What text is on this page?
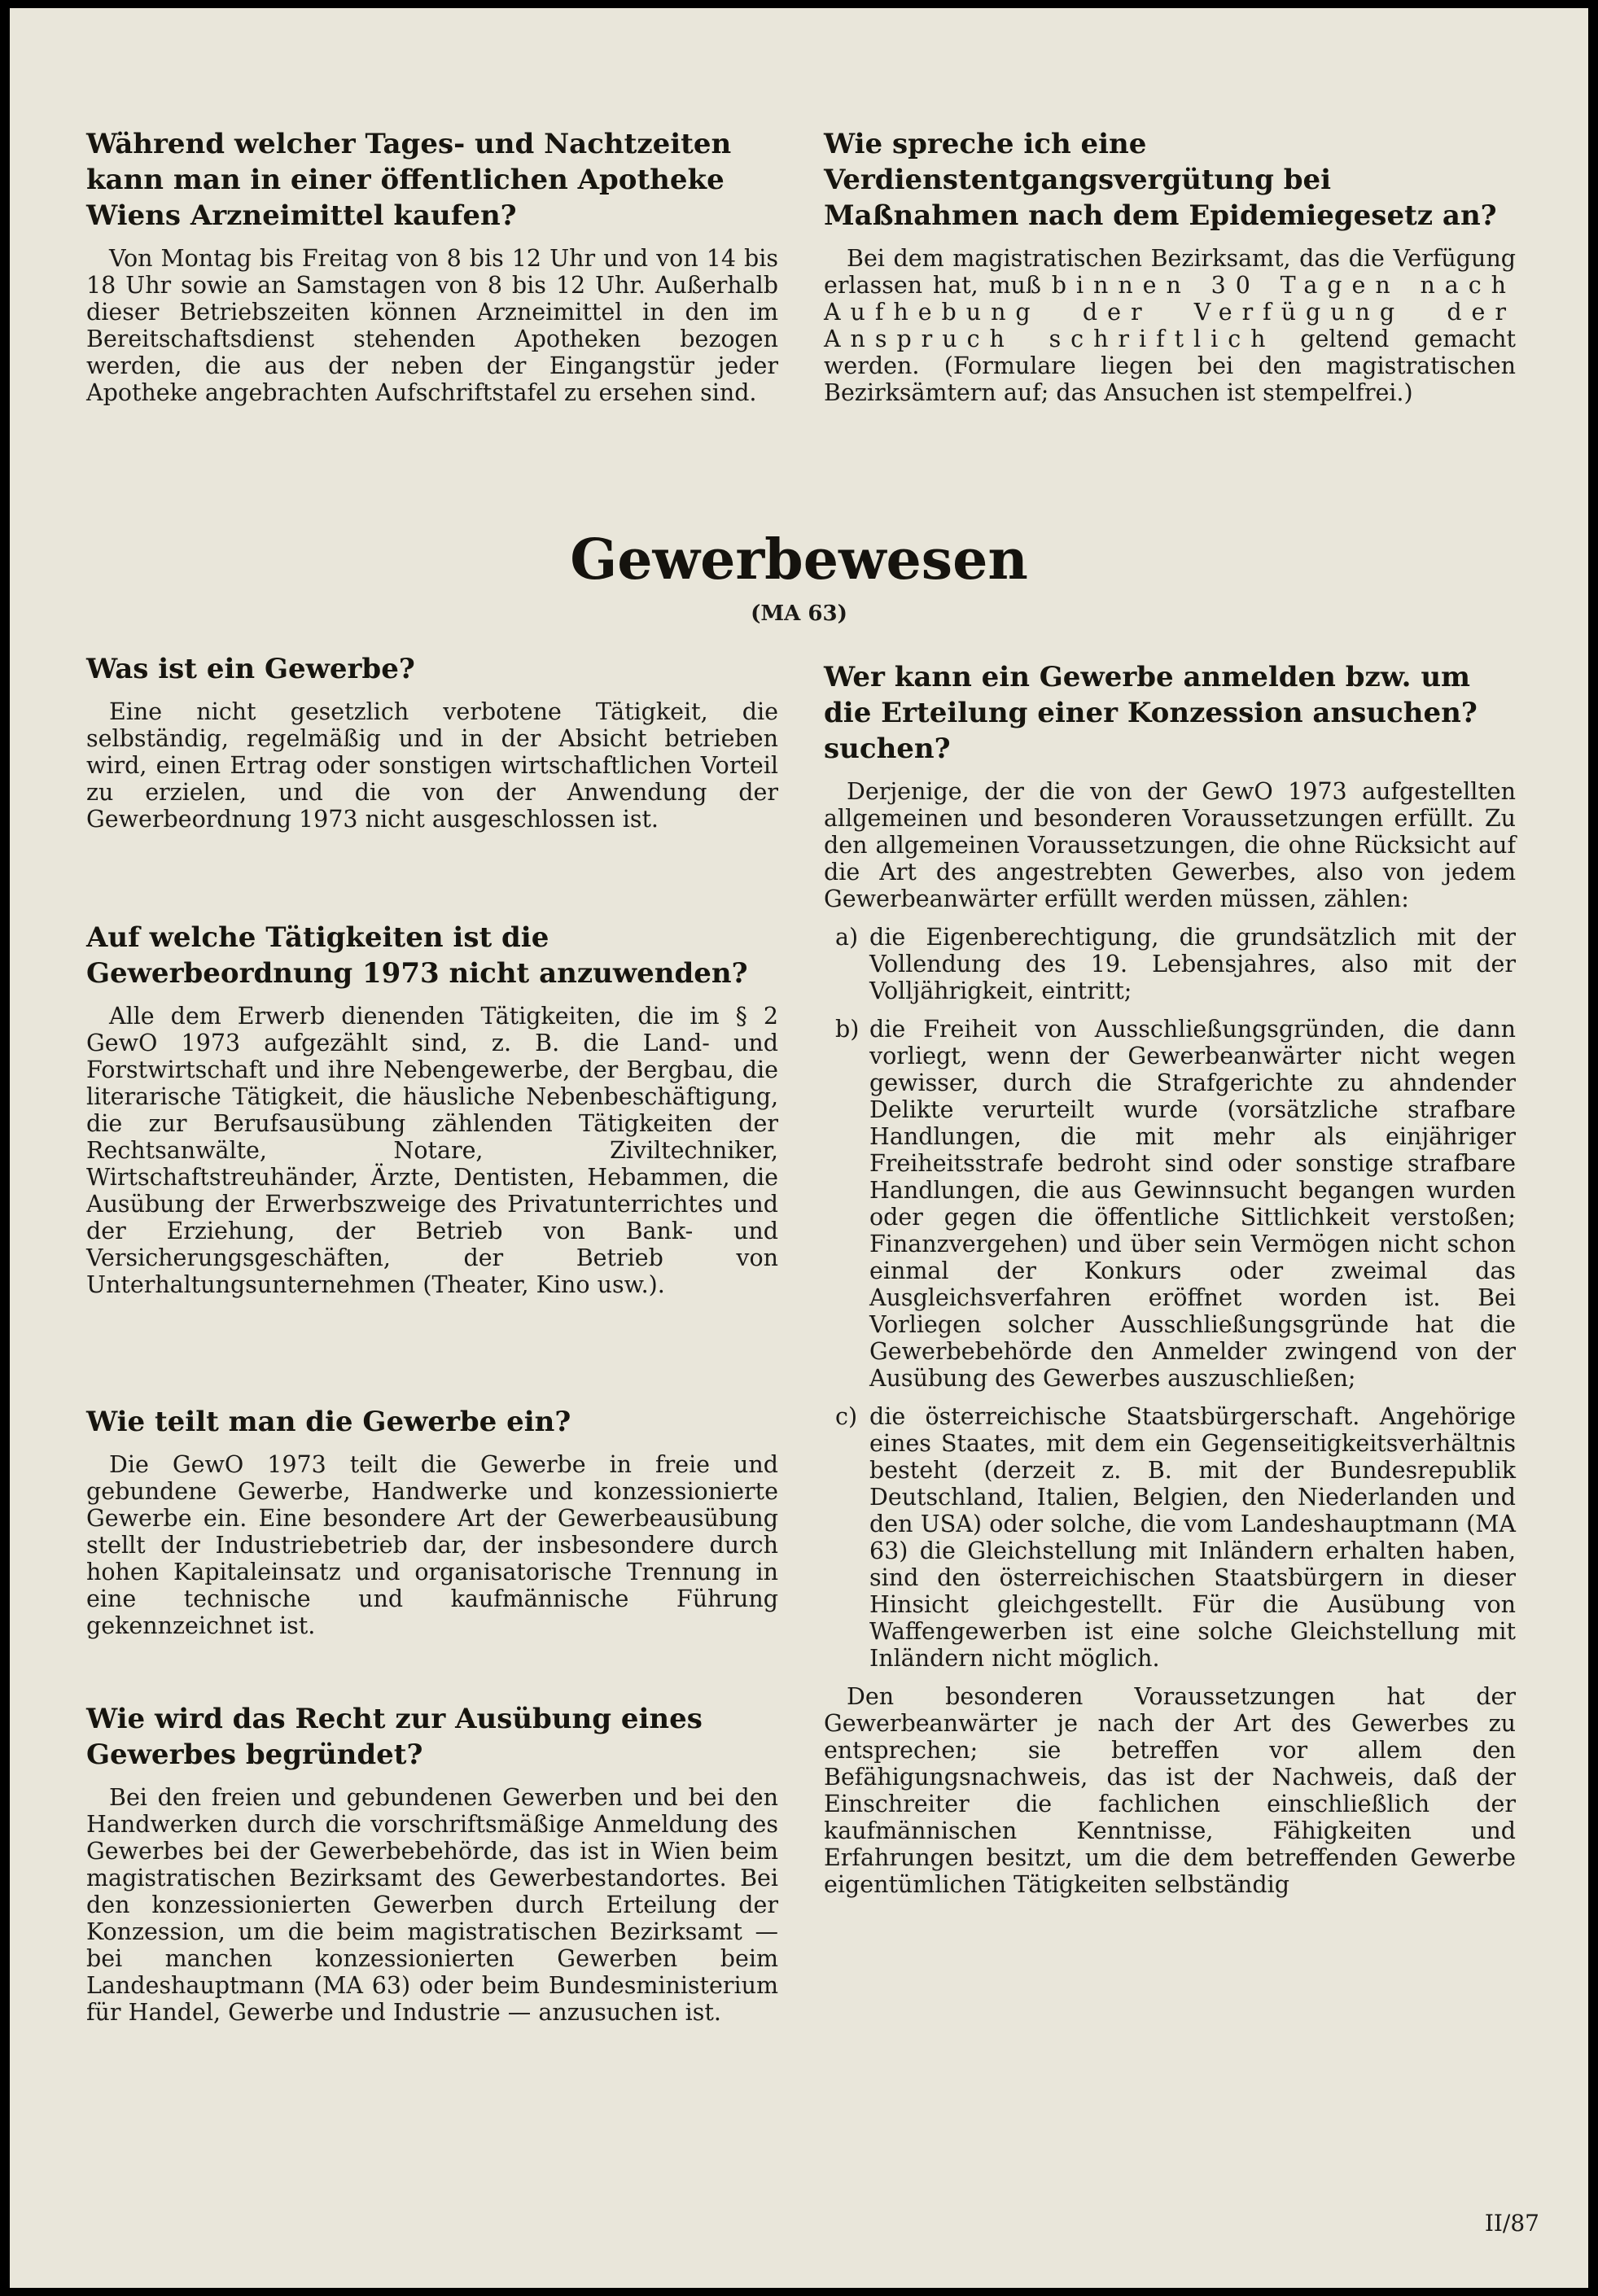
Während welcher Tages- und Nachtzeiten kann man in einer öffentlichen Apotheke Wiens Arzneimittel kaufen?

Von Montag bis Freitag von 8 bis 12 Uhr und von 14 bis 18 Uhr sowie an Samstagen von 8 bis 12 Uhr. Außerhalb dieser Betriebszeiten können Arzneimittel in den im Bereitschaftsdienst stehenden Apotheken bezogen werden, die aus der neben der Eingangstür jeder Apotheke angebrachten Aufschriftstafel zu ersehen sind.

Wie spreche ich eine Verdienstentgangsvergütung bei Maßnahmen nach dem Epidemiegesetz an?

Bei dem magistratischen Bezirksamt, das die Verfügung erlassen hat, muß binnen 30 Tagen nach Aufhebung der Verfügung der Anspruch schriftlich geltend gemacht werden. (Formulare liegen bei den magistratischen Bezirksämtern auf; das Ansuchen ist stempelfrei.)

Gewerbewesen
(MA 63)
Was ist ein Gewerbe?

Eine nicht gesetzlich verbotene Tätigkeit, die selbständig, regelmäßig und in der Absicht betrieben wird, einen Ertrag oder sonstigen wirtschaftlichen Vorteil zu erzielen, und die von der Anwendung der Gewerbeordnung 1973 nicht ausgeschlossen ist.

Auf welche Tätigkeiten ist die Gewerbeordnung 1973 nicht anzuwenden?

Alle dem Erwerb dienenden Tätigkeiten, die im § 2 GewO 1973 aufgezählt sind, z. B. die Land- und Forstwirtschaft und ihre Nebengewerbe, der Bergbau, die literarische Tätigkeit, die häusliche Nebenbeschäftigung, die zur Berufsausübung zählenden Tätigkeiten der Rechtsanwälte, Notare, Ziviltechniker, Wirtschaftstreuhänder, Ärzte, Dentisten, Hebammen, die Ausübung der Erwerbszweige des Privatunterrichtes und der Erziehung, der Betrieb von Bank- und Versicherungsgeschäften, der Betrieb von Unterhaltungsunternehmen (Theater, Kino usw.).

Wie teilt man die Gewerbe ein?

Die GewO 1973 teilt die Gewerbe in freie und gebundene Gewerbe, Handwerke und konzessionierte Gewerbe ein. Eine besondere Art der Gewerbeausübung stellt der Industriebetrieb dar, der insbesondere durch hohen Kapitaleinsatz und organisatorische Trennung in eine technische und kaufmännische Führung gekennzeichnet ist.

Wie wird das Recht zur Ausübung eines Gewerbes begründet?

Bei den freien und gebundenen Gewerben und bei den Handwerken durch die vorschriftsmäßige Anmeldung des Gewerbes bei der Gewerbebehörde, das ist in Wien beim magistratischen Bezirksamt des Gewerbestandortes. Bei den konzessionierten Gewerben durch Erteilung der Konzession, um die beim magistratischen Bezirksamt — bei manchen konzessionierten Gewerben beim Landeshauptmann (MA 63) oder beim Bundesministerium für Handel, Gewerbe und Industrie — anzusuchen ist.

Wer kann ein Gewerbe anmelden bzw. um die Erteilung einer Konzession ansuchen? suchen?

Derjenige, der die von der GewO 1973 aufgestellten allgemeinen und besonderen Voraussetzungen erfüllt. Zu den allgemeinen Voraussetzungen, die ohne Rücksicht auf die Art des angestrebten Gewerbes, also von jedem Gewerbeanwärter erfüllt werden müssen, zählen:

a) die Eigenberechtigung, die grundsätzlich mit der Vollendung des 19. Lebensjahres, also mit der Volljährigkeit, eintritt;
b) die Freiheit von Ausschließungsgründen, die dann vorliegt, wenn der Gewerbeanwärter nicht wegen gewisser, durch die Strafgerichte zu ahndender Delikte verurteilt wurde (vorsätzliche strafbare Handlungen, die mit mehr als einjähriger Freiheitsstrafe bedroht sind oder sonstige strafbare Handlungen, die aus Gewinnsucht begangen wurden oder gegen die öffentliche Sittlichkeit verstoßen; Finanzvergehen) und über sein Vermögen nicht schon einmal der Konkurs oder zweimal das Ausgleichsverfahren eröffnet worden ist. Bei Vorliegen solcher Ausschließungsgründe hat die Gewerbebehörde den Anmelder zwingend von der Ausübung des Gewerbes auszuschließen;
c) die österreichische Staatsbürgerschaft. Angehörige eines Staates, mit dem ein Gegenseitigkeitsverhältnis besteht (derzeit z. B. mit der Bundesrepublik Deutschland, Italien, Belgien, den Niederlanden und den USA) oder solche, die vom Landeshauptmann (MA 63) die Gleichstellung mit Inländern erhalten haben, sind den österreichischen Staatsbürgern in dieser Hinsicht gleichgestellt. Für die Ausübung von Waffengewerben ist eine solche Gleichstellung mit Inländern nicht möglich.

Den besonderen Voraussetzungen hat der Gewerbeanwärter je nach der Art des Gewerbes zu entsprechen; sie betreffen vor allem den Befähigungsnachweis, das ist der Nachweis, daß der Einschreiter die fachlichen einschließlich der kaufmännischen Kenntnisse, Fähigkeiten und Erfahrungen besitzt, um die dem betreffenden Gewerbe eigentümlichen Tätigkeiten selbständig

II/87
